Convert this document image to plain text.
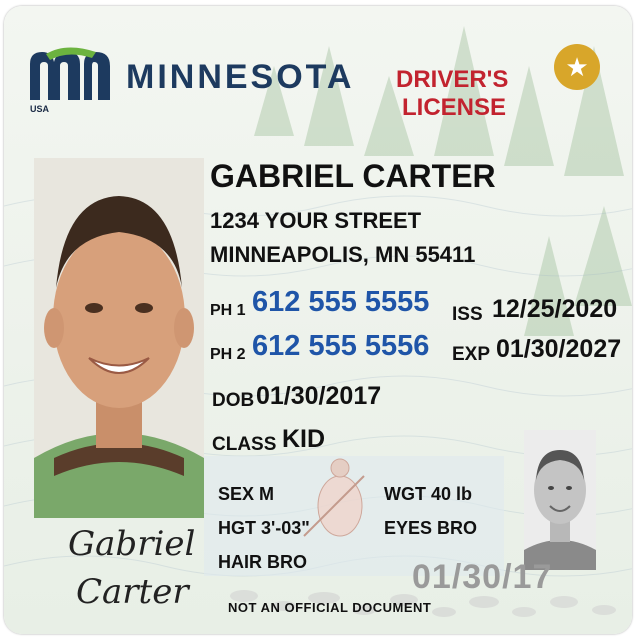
USA
MINNESOTA DRIVER'S
LICENSE
★
GABRIEL CARTER
1234 YOUR STREET
MINNEAPOLIS, MN 55411
PH 1 612 555 5555
PH 2 612 555 5556
ISS 12/25/2020
EXP 01/30/2027
DOB 01/30/2017
CLASS KID
SEX M
HGT 3'-03"
HAIR BRO
WGT 40 lb
EYES BRO
Gabriel
Carter	01/30/17
NOT AN OFFICIAL DOCUMENT
